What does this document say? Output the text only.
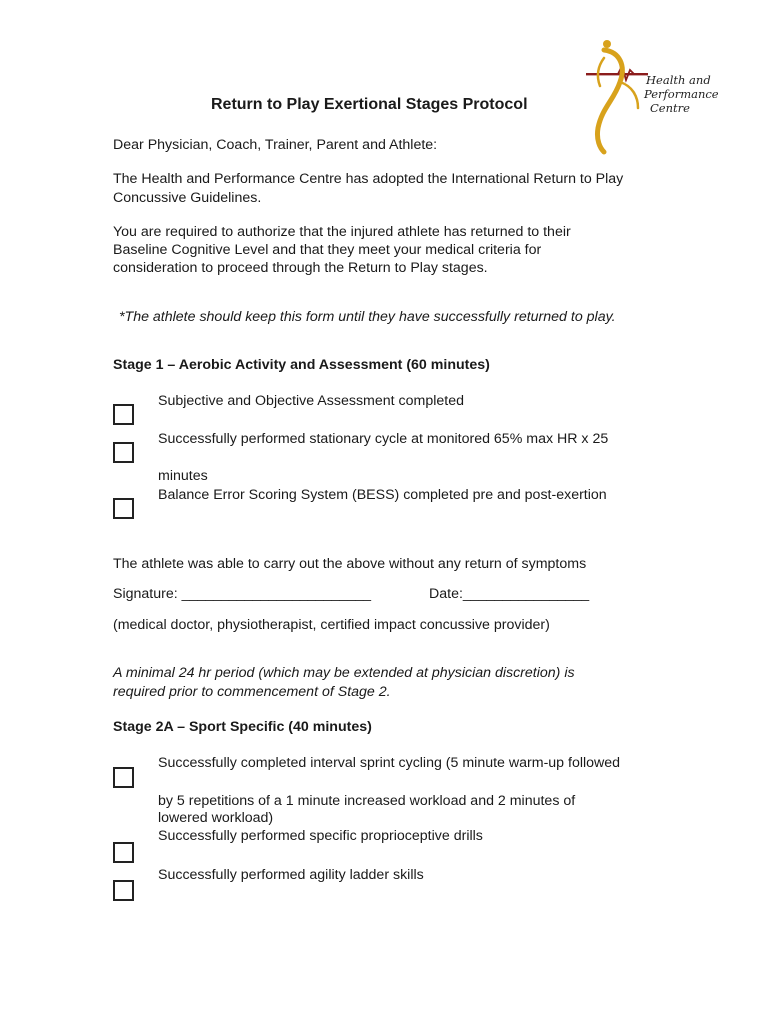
Health and
Performance
Centre
Return to Play Exertional Stages Protocol
Dear Physician, Coach, Trainer, Parent and Athlete:
The Health and Performance Centre has adopted the International Return to Play
Concussive Guidelines.
You are required to authorize that the injured athlete has returned to their
Baseline Cognitive Level and that they meet your medical criteria for
consideration to proceed through the Return to Play stages.
*The athlete should keep this form until they have successfully returned to play.
Stage 1 – Aerobic Activity and Assessment (60 minutes)
Subjective and Objective Assessment completed
Successfully performed stationary cycle at monitored 65% max HR x 25
minutes
Balance Error Scoring System (BESS) completed pre and post-exertion
The athlete was able to carry out the above without any return of symptoms
Signature: ________________________	Date:________________
(medical doctor, physiotherapist, certified impact concussive provider)
A minimal 24 hr period (which may be extended at physician discretion) is
required prior to commencement of Stage 2.
Stage 2A – Sport Specific (40 minutes)
Successfully completed interval sprint cycling (5 minute warm-up followed
by 5 repetitions of a 1 minute increased workload and 2 minutes of
lowered workload)
Successfully performed specific proprioceptive drills
Successfully performed agility ladder skills
